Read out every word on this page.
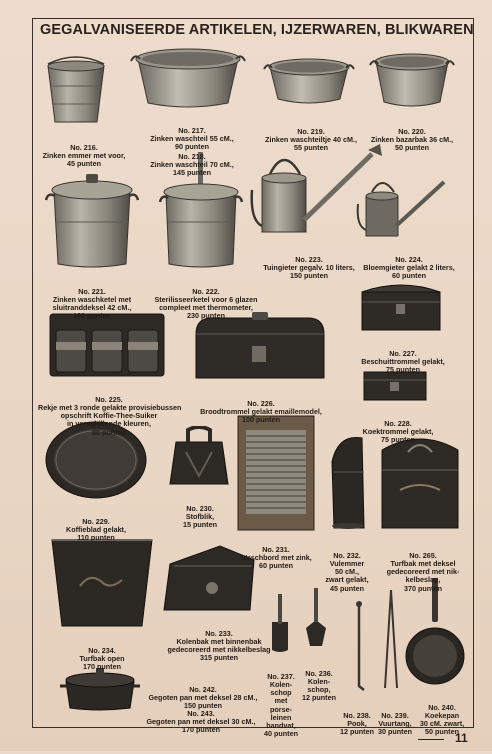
GEGALVANISEERDE ARTIKELEN, IJZERWAREN, BLIKWAREN

No. 216.
Zinken emmer met voor,
45 punten

No. 217.
Zinken waschteil 55 cM.,
90 punten

No. 218.
Zinken waschteil 70 cM.,
145 punten

No. 219.
Zinken waschteiltje 40 cM.,
55 punten

No. 220.
Zinken bazarbak 36 cM.,
50 punten

No. 221.
Zinken waschketel met
sluitranddeksel 42 cM.,
160 punten

No. 222.
Sterilisseerketel voor 6 glazen
compleet met thermometer,
230 punten

No. 223.
Tuingieter gegalv. 10 liters,
150 punten

No. 224.
Bloemgieter gelakt 2 liters,
60 punten

No. 225.
Rekje met 3 ronde gelakte provisiebussen
opschrift Koffie-Thee-Suiker
in verschillende kleuren,
80 punten

No. 226.
Broodtrommel gelakt emaillemodel,
100 punten

No. 227.
Beschuittrommel gelakt,
75 punten

No. 228.
Koektrommel gelakt,
75 punten

No. 229.
Koffieblad gelakt,
110 punten

No. 230.
Stofblik,
15 punten

No. 231.
Waschbord met zink,
60 punten

No. 232.
Vulemmer
50 cM.,
zwart gelakt,
45 punten

No. 265.
Turfbak met deksel
gedecoreerd met nik-
kelbeslag,
370 punten

No. 234.
Turfbak open
170 punten

No. 233.
Kolenbak met binnenbak
gedecoreerd met nikkelbeslag
315 punten

No. 237.
Kolen-
schop
met
porse-
leinen
handvat,
40 punten

No. 236.
Kolen-
schop,
12 punten

No. 242.
Gegoten pan met deksel 28 cM.,
150 punten

No. 243.
Gegoten pan met deksel 30 cM.,
170 punten

No. 238.
Pook,
12 punten

No. 239.
Vuurtang,
30 punten

No. 240.
Koekepan
30 cM. zwart,
50 punten

11
